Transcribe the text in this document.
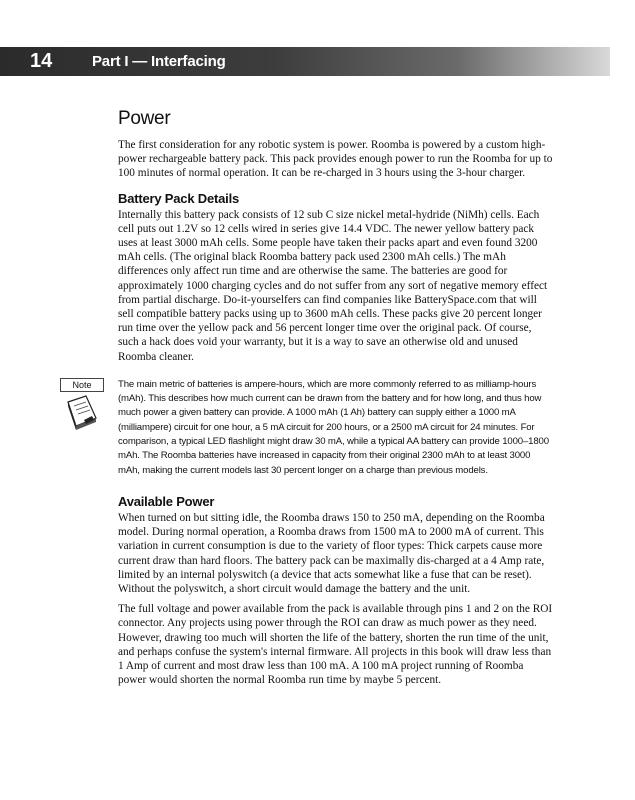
14	Part I — Interfacing
Power

The first consideration for any robotic system is power. Roomba is powered by a custom high-power rechargeable battery pack. This pack provides enough power to run the Roomba for up to 100 minutes of normal operation. It can be re-charged in 3 hours using the 3-hour charger.

Battery Pack Details

Internally this battery pack consists of 12 sub C size nickel metal-hydride (NiMh) cells. Each cell puts out 1.2V so 12 cells wired in series give 14.4 VDC. The newer yellow battery pack uses at least 3000 mAh cells. Some people have taken their packs apart and even found 3200 mAh cells. (The original black Roomba battery pack used 2300 mAh cells.) The mAh differences only affect run time and are otherwise the same. The batteries are good for approximately 1000 charging cycles and do not suffer from any sort of negative memory effect from partial discharge. Do-it-yourselfers can find companies like BatterySpace.com that will sell compatible battery packs using up to 3600 mAh cells. These packs give 20 percent longer run time over the yellow pack and 56 percent longer time over the original pack. Of course, such a hack does void your warranty, but it is a way to save an otherwise old and unused Roomba cleaner.

Note	The main metric of batteries is ampere-hours, which are more commonly referred to as milliamp-hours (mAh). This describes how much current can be drawn from the battery and for how long, and thus how much power a given battery can provide. A 1000 mAh (1 Ah) battery can supply either a 1000 mA (milliampere) circuit for one hour, a 5 mA circuit for 200 hours, or a 2500 mA circuit for 24 minutes. For comparison, a typical LED flashlight might draw 30 mA, while a typical AA battery can provide 1000–1800 mAh. The Roomba batteries have increased in capacity from their original 2300 mAh to at least 3000 mAh, making the current models last 30 percent longer on a charge than previous models.

Available Power

When turned on but sitting idle, the Roomba draws 150 to 250 mA, depending on the Roomba model. During normal operation, a Roomba draws from 1500 mA to 2000 mA of current. This variation in current consumption is due to the variety of floor types: Thick carpets cause more current draw than hard floors. The battery pack can be maximally dis-charged at a 4 Amp rate, limited by an internal polyswitch (a device that acts somewhat like a fuse that can be reset). Without the polyswitch, a short circuit would damage the battery and the unit.

The full voltage and power available from the pack is available through pins 1 and 2 on the ROI connector. Any projects using power through the ROI can draw as much power as they need. However, drawing too much will shorten the life of the battery, shorten the run time of the unit, and perhaps confuse the system's internal firmware. All projects in this book will draw less than 1 Amp of current and most draw less than 100 mA. A 100 mA project running of Roomba power would shorten the normal Roomba run time by maybe 5 percent.
